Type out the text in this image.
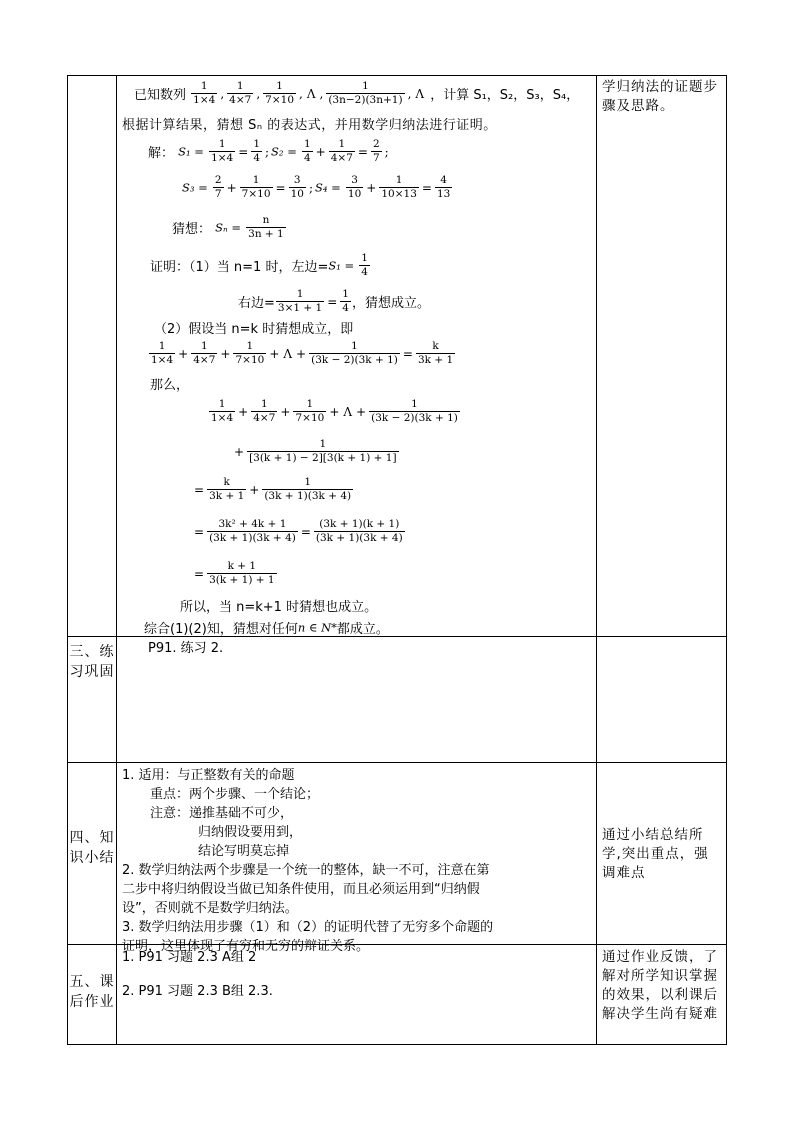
学归纳法的证题步骤及思路。
已知数列 $\frac{1}{1\times 4}$ , $\frac{1}{4\times 7}$ , $\frac{1}{7\times 10}$ , Λ , $\frac{1}{(3n-2)(3n+1)}$ , Λ ，计算 S₁，S₂，S₃，S₄，
根据计算结果，猜想 Sₙ 的表达式，并用数学归纳法进行证明。
解： $S_1 = \frac{1}{1\times 4} = \frac{1}{4}$ ; $S_2 = \frac{1}{4} + \frac{1}{4\times 7} = \frac{2}{7}$ ;
$S_3 = \frac{2}{7} + \frac{1}{7\times 10} = \frac{3}{10}$ ; $S_4 = \frac{3}{10} + \frac{1}{10\times 13} = \frac{4}{13}$
猜想： $S_n = \frac{n}{3n + 1}$
证明：（1）当 n=1 时，左边$=S_1 = \frac{1}{4}$
右边= $\frac{1}{3\times 1 + 1} = \frac{1}{4}$ ，猜想成立。
（2）假设当 n=k 时猜想成立，即
$\frac{1}{1\times 4} + \frac{1}{4\times 7} + \frac{1}{7\times 10} + \Lambda + \frac{1}{(3k - 2)(3k + 1)} = \frac{k}{3k + 1}$
那么，
$\frac{1}{1\times 4} + \frac{1}{4\times 7} + \frac{1}{7\times 10} + \Lambda + \frac{1}{(3k - 2)(3k + 1)}$
+ $\frac{1}{[3(k + 1) - 2][3(k + 1) + 1]}$
= $\frac{k}{3k + 1} + \frac{1}{(3k + 1)(3k + 4)}$
= $\frac{\text{3k² + 4k + 1}}{(3k + 1)(3k + 4)} = \frac{(3k + 1)(k + 1)}{(3k + 1)(3k + 4)}$
= $\frac{k + 1}{3(k + 1) + 1}$
所以，当 n=k+1 时猜想也成立。
综合(1)(2)知，猜想对任何n ∈ N*都成立。
三、练习巩固
P91. 练习 2.
四、知识小结
1. 适用：与正整数有关的命题
重点：两个步骤、一个结论；
注意：递推基础不可少，
归纳假设要用到，
结论写明莫忘掉
2. 数学归纳法两个步骤是一个统一的整体，缺一不可，注意在第
二步中将归纳假设当做已知条件使用，而且必须运用到“归纳假
设”，否则就不是数学归纳法。
3. 数学归纳法用步骤（1）和（2）的证明代替了无穷多个命题的
证明，这里体现了有穷和无穷的辩证关系。
通过小结总结所学,突出重点，强调难点
五、课后作业
1. P91 习题 2.3 A组 2
2. P91 习题 2.3 B组 2.3.
通过作业反馈，了解对所学知识掌握的效果，以利课后解决学生尚有疑难
